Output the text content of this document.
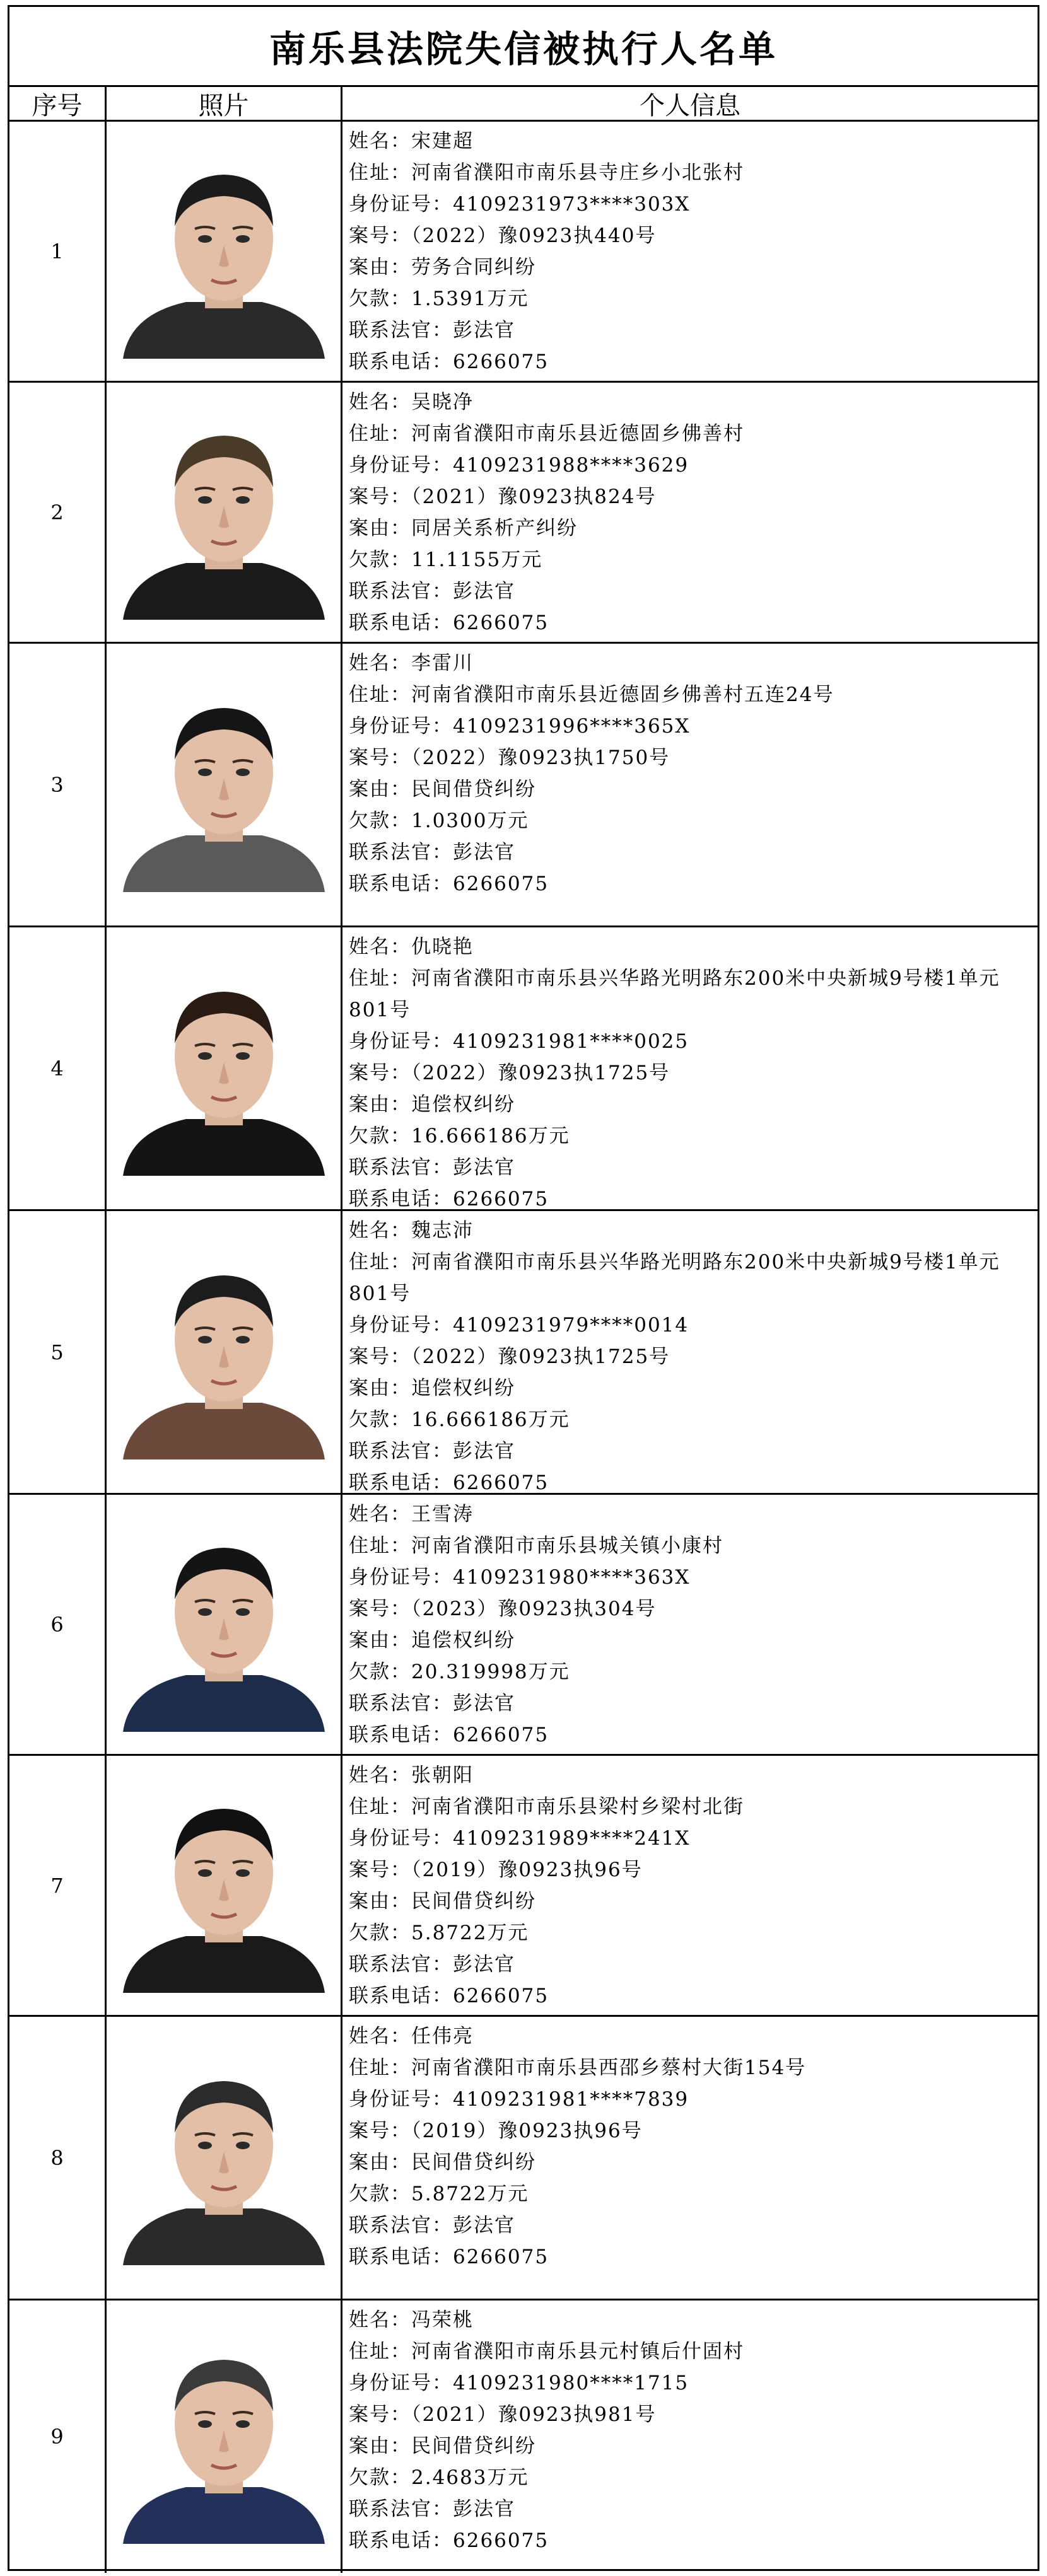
南乐县法院失信被执行人名单
序号	照片	个人信息
1
姓名：宋建超
住址：河南省濮阳市南乐县寺庄乡小北张村
身份证号：4109231973****303X
案号：（2022）豫0923执440号
案由：劳务合同纠纷
欠款：1.5391万元
联系法官：彭法官
联系电话：6266075
2
姓名：吴晓净
住址：河南省濮阳市南乐县近德固乡佛善村
身份证号：4109231988****3629
案号：（2021）豫0923执824号
案由：同居关系析产纠纷
欠款：11.1155万元
联系法官：彭法官
联系电话：6266075
3
姓名：李雷川
住址：河南省濮阳市南乐县近德固乡佛善村五连24号
身份证号：4109231996****365X
案号：（2022）豫0923执1750号
案由：民间借贷纠纷
欠款：1.0300万元
联系法官：彭法官
联系电话：6266075
4
姓名：仇晓艳
住址：河南省濮阳市南乐县兴华路光明路东200米中央新城9号楼1单元801号
身份证号：4109231981****0025
案号：（2022）豫0923执1725号
案由：追偿权纠纷
欠款：16.666186万元
联系法官：彭法官
联系电话：6266075
5
姓名：魏志沛
住址：河南省濮阳市南乐县兴华路光明路东200米中央新城9号楼1单元801号
身份证号：4109231979****0014
案号：（2022）豫0923执1725号
案由：追偿权纠纷
欠款：16.666186万元
联系法官：彭法官
联系电话：6266075
6
姓名：王雪涛
住址：河南省濮阳市南乐县城关镇小康村
身份证号：4109231980****363X
案号：（2023）豫0923执304号
案由：追偿权纠纷
欠款：20.319998万元
联系法官：彭法官
联系电话：6266075
7
姓名：张朝阳
住址：河南省濮阳市南乐县梁村乡梁村北街
身份证号：4109231989****241X
案号：（2019）豫0923执96号
案由：民间借贷纠纷
欠款：5.8722万元
联系法官：彭法官
联系电话：6266075
8
姓名：任伟亮
住址：河南省濮阳市南乐县西邵乡蔡村大街154号
身份证号：4109231981****7839
案号：（2019）豫0923执96号
案由：民间借贷纠纷
欠款：5.8722万元
联系法官：彭法官
联系电话：6266075
9
姓名：冯荣桃
住址：河南省濮阳市南乐县元村镇后什固村
身份证号：4109231980****1715
案号：（2021）豫0923执981号
案由：民间借贷纠纷
欠款：2.4683万元
联系法官：彭法官
联系电话：6266075
